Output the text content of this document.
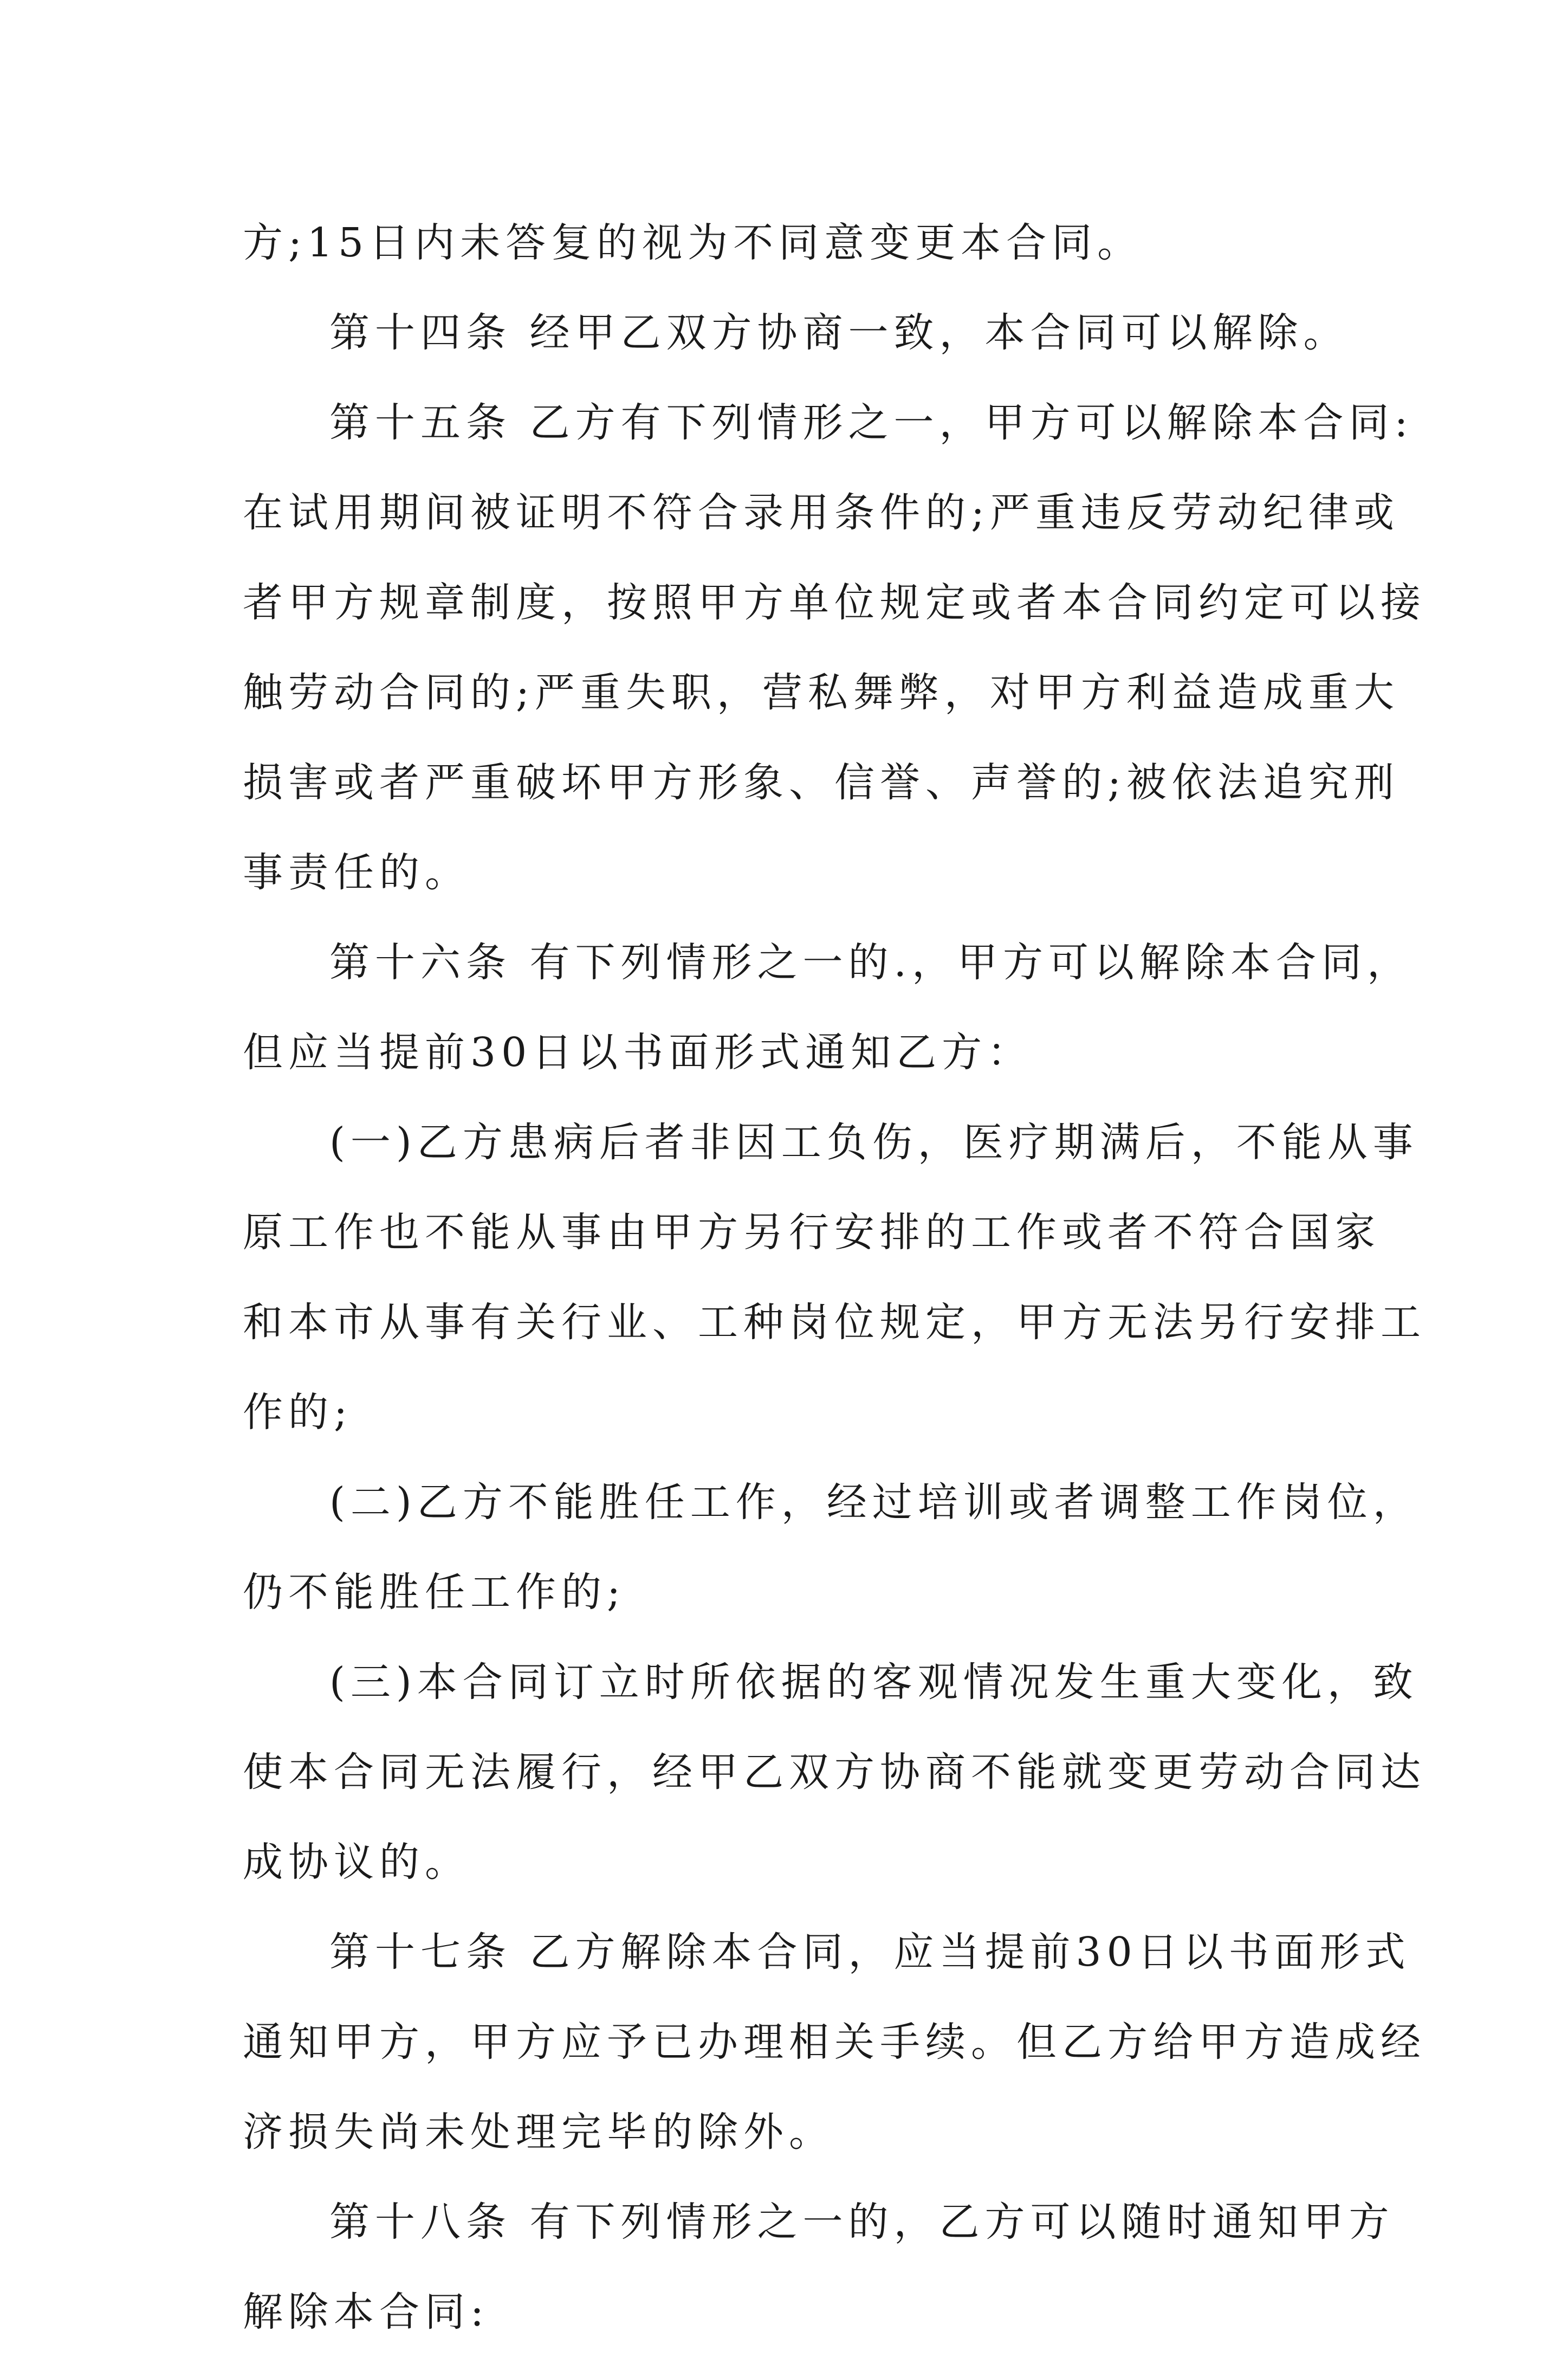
方;15日内未答复的视为不同意变更本合同。
第十四条 经甲乙双方协商一致，本合同可以解除。
第十五条 乙方有下列情形之一，甲方可以解除本合同:
在试用期间被证明不符合录用条件的;严重违反劳动纪律或
者甲方规章制度，按照甲方单位规定或者本合同约定可以接
触劳动合同的;严重失职，营私舞弊，对甲方利益造成重大
损害或者严重破坏甲方形象、信誉、声誉的;被依法追究刑
事责任的。
第十六条 有下列情形之一的.，甲方可以解除本合同，
但应当提前30日以书面形式通知乙方：
(一)乙方患病后者非因工负伤，医疗期满后，不能从事
原工作也不能从事由甲方另行安排的工作或者不符合国家
和本市从事有关行业、工种岗位规定，甲方无法另行安排工
作的;
(二)乙方不能胜任工作，经过培训或者调整工作岗位，
仍不能胜任工作的;
(三)本合同订立时所依据的客观情况发生重大变化，致
使本合同无法履行，经甲乙双方协商不能就变更劳动合同达
成协议的。
第十七条 乙方解除本合同，应当提前30日以书面形式
通知甲方，甲方应予已办理相关手续。但乙方给甲方造成经
济损失尚未处理完毕的除外。
第十八条 有下列情形之一的，乙方可以随时通知甲方
解除本合同:
